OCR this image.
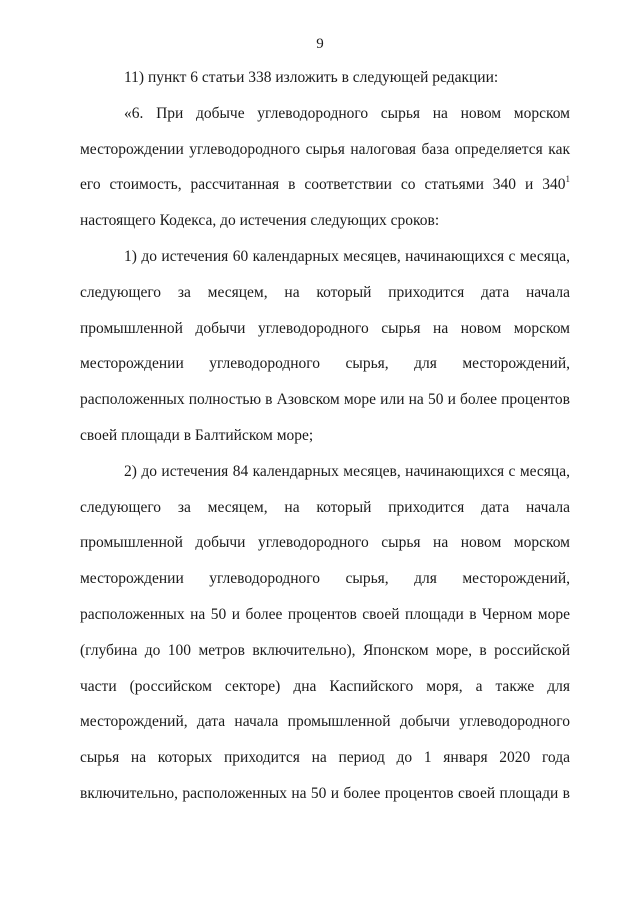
9
11) пункт 6 статьи 338 изложить в следующей редакции:
«6. При добыче углеводородного сырья на новом морском
месторождении углеводородного сырья налоговая база определяется как
его стоимость, рассчитанная в соответствии со статьями 340 и $340^1$
настоящего Кодекса, до истечения следующих сроков:
1) до истечения 60 календарных месяцев, начинающихся с месяца,
следующего за месяцем, на который приходится дата начала
промышленной добычи углеводородного сырья на новом морском
месторождении углеводородного сырья, для месторождений,
расположенных полностью в Азовском море или на 50 и более процентов
своей площади в Балтийском море;
2) до истечения 84 календарных месяцев, начинающихся с месяца,
следующего за месяцем, на который приходится дата начала
промышленной добычи углеводородного сырья на новом морском
месторождении углеводородного сырья, для месторождений,
расположенных на 50 и более процентов своей площади в Черном море
(глубина до 100 метров включительно), Японском море, в российской
части (российском секторе) дна Каспийского моря, а также для
месторождений, дата начала промышленной добычи углеводородного
сырья на которых приходится на период до 1 января 2020 года
включительно, расположенных на 50 и более процентов своей площади в
